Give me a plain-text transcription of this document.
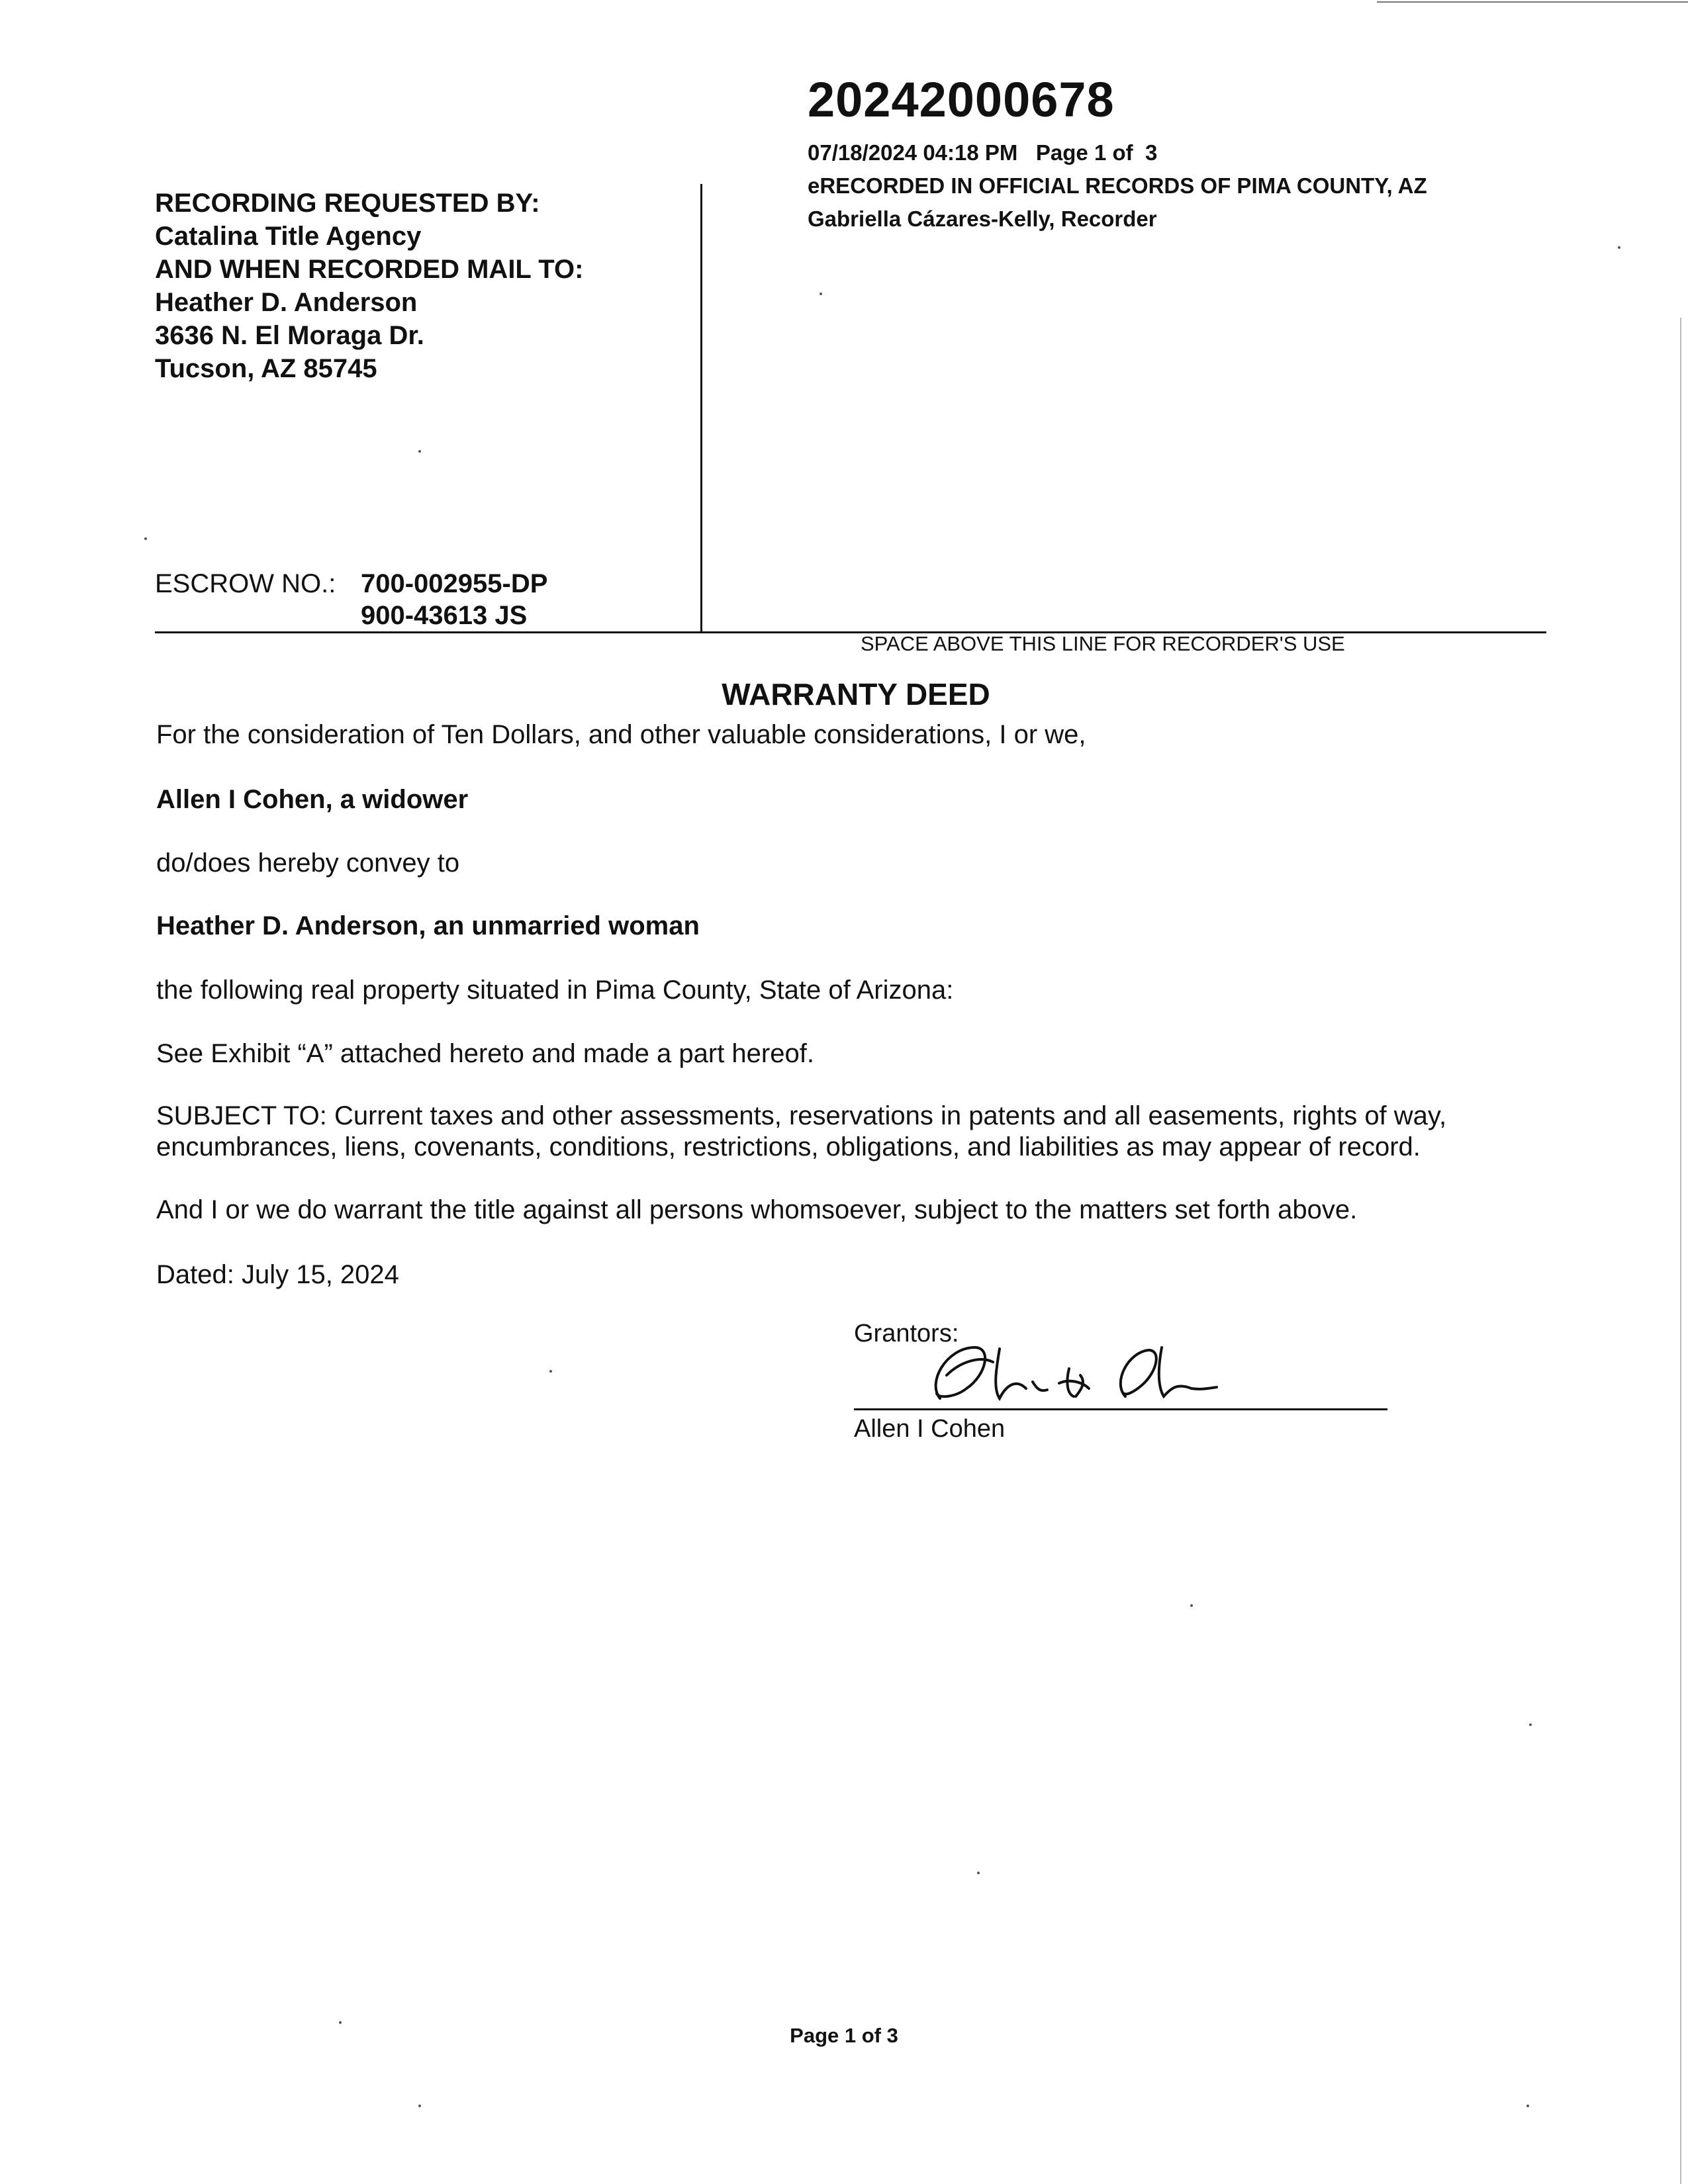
20242000678
07/18/2024 04:18 PM   Page 1 of  3
eRECORDED IN OFFICIAL RECORDS OF PIMA COUNTY, AZ
Gabriella Cázares-Kelly, Recorder
RECORDING REQUESTED BY:
Catalina Title Agency
AND WHEN RECORDED MAIL TO:
Heather D. Anderson
3636 N. El Moraga Dr.
Tucson, AZ 85745
ESCROW NO.: 700-002955-DP
900-43613 JS
SPACE ABOVE THIS LINE FOR RECORDER'S USE
WARRANTY DEED
For the consideration of Ten Dollars, and other valuable considerations, I or we,
Allen I Cohen, a widower
do/does hereby convey to
Heather D. Anderson, an unmarried woman
the following real property situated in Pima County, State of Arizona:
See Exhibit “A” attached hereto and made a part hereof.
SUBJECT TO: Current taxes and other assessments, reservations in patents and all easements, rights of way,
encumbrances, liens, covenants, conditions, restrictions, obligations, and liabilities as may appear of record.
And I or we do warrant the title against all persons whomsoever, subject to the matters set forth above.
Dated: July 15, 2024
Grantors:
Allen I Cohen
Page 1 of 3
